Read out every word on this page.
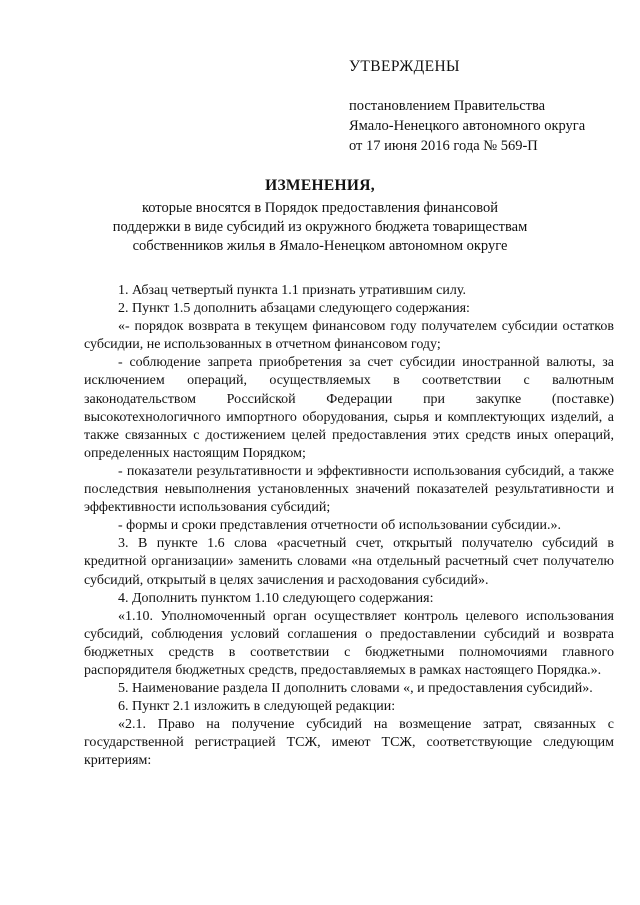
УТВЕРЖДЕНЫ
постановлением Правительства
Ямало-Ненецкого автономного округа
от 17 июня 2016 года № 569-П
ИЗМЕНЕНИЯ,
которые вносятся в Порядок предоставления финансовой
поддержки в виде субсидий из окружного бюджета товариществам
собственников жилья в Ямало-Ненецком автономном округе

1. Абзац четвертый пункта 1.1 признать утратившим силу.

2. Пункт 1.5 дополнить абзацами следующего содержания:

«- порядок возврата в текущем финансовом году получателем субсидии остатков субсидии, не использованных в отчетном финансовом году;

- соблюдение запрета приобретения за счет субсидии иностранной валюты, за исключением операций, осуществляемых в соответствии с валютным законодательством Российской Федерации при закупке (поставке) высокотехнологичного импортного оборудования, сырья и комплектующих изделий, а также связанных с достижением целей предоставления этих средств иных операций, определенных настоящим Порядком;

- показатели результативности и эффективности использования субсидий, а также последствия невыполнения установленных значений показателей результативности и эффективности использования субсидий;

- формы и сроки представления отчетности об использовании субсидии.».

3. В пункте 1.6 слова «расчетный счет, открытый получателю субсидий в кредитной организации» заменить словами «на отдельный расчетный счет получателю субсидий, открытый в целях зачисления и расходования субсидий».

4. Дополнить пунктом 1.10 следующего содержания:

«1.10. Уполномоченный орган осуществляет контроль целевого использования субсидий, соблюдения условий соглашения о предоставлении субсидий и возврата бюджетных средств в соответствии с бюджетными полномочиями главного распорядителя бюджетных средств, предоставляемых в рамках настоящего Порядка.».

5. Наименование раздела II дополнить словами «, и предоставления субсидий».

6. Пункт 2.1 изложить в следующей редакции:

«2.1. Право на получение субсидий на возмещение затрат, связанных с государственной регистрацией ТСЖ, имеют ТСЖ, соответствующие следующим критериям:
